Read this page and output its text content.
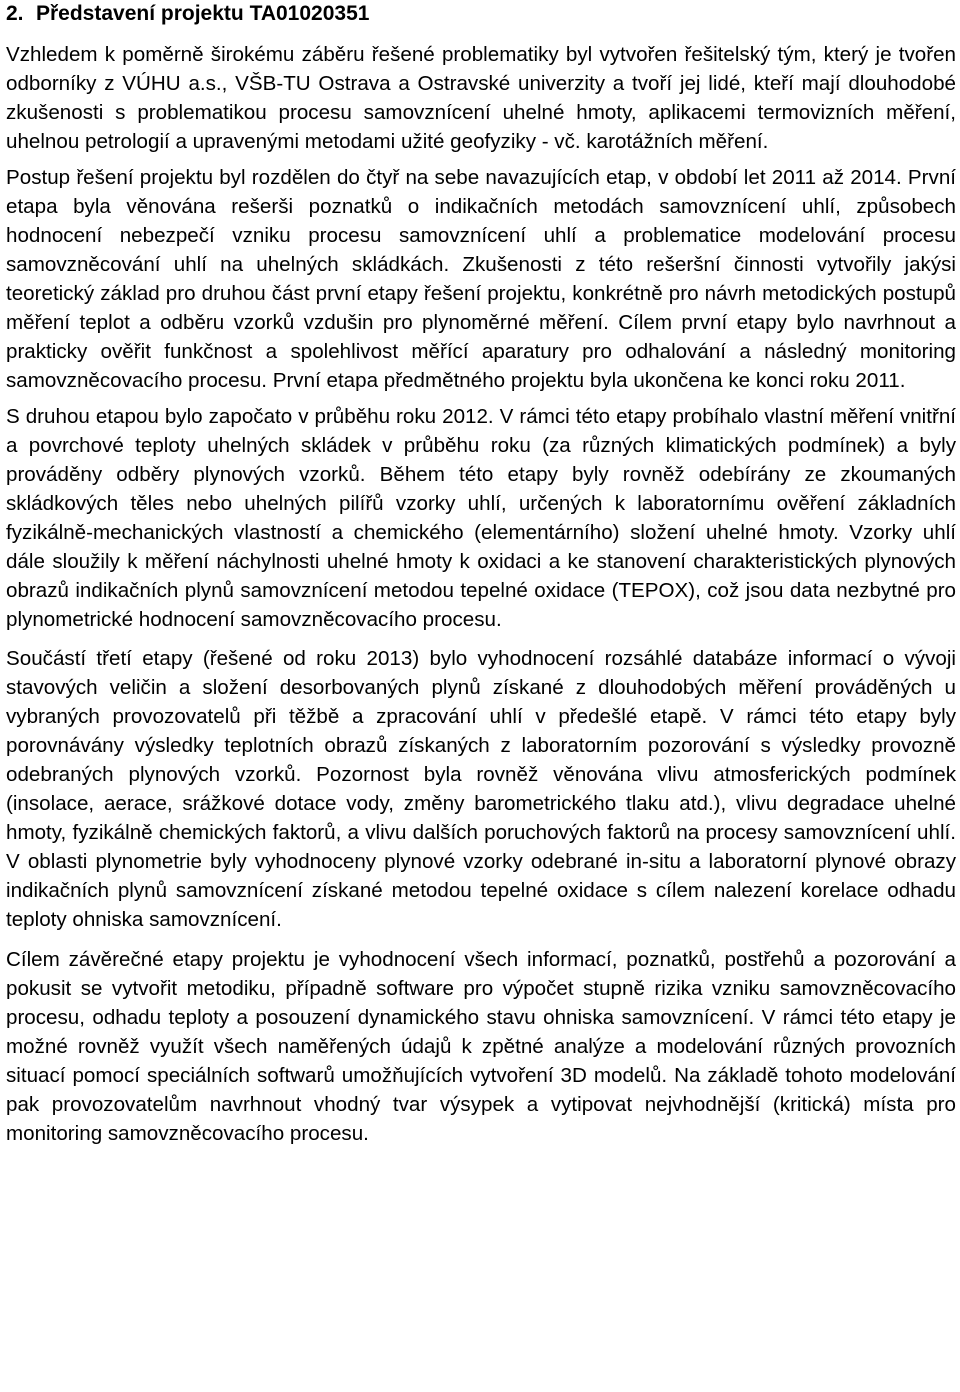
2. Představení projektu TA01020351

Vzhledem k poměrně širokému záběru řešené problematiky byl vytvořen řešitelský tým, který je tvořen odborníky z VÚHU a.s., VŠB-TU Ostrava a Ostravské univerzity a tvoří jej lidé, kteří mají dlouhodobé zkušenosti s problematikou procesu samovznícení uhelné hmoty, aplikacemi termovizních měření, uhelnou petrologií a upravenými metodami užité geofyziky - vč. karotážních měření.

Postup řešení projektu byl rozdělen do čtyř na sebe navazujících etap, v období let 2011 až 2014. První etapa byla věnována rešerši poznatků o indikačních metodách samovznícení uhlí, způsobech hodnocení nebezpečí vzniku procesu samovznícení uhlí a problematice modelování procesu samovzněcování uhlí na uhelných skládkách. Zkušenosti z této rešeršní činnosti vytvořily jakýsi teoretický základ pro druhou část první etapy řešení projektu, konkrétně pro návrh metodických postupů měření teplot a odběru vzorků vzdušin pro plynoměrné měření. Cílem první etapy bylo navrhnout a prakticky ověřit funkčnost a spolehlivost měřící aparatury pro odhalování a následný monitoring samovzněcovacího procesu. První etapa předmětného projektu byla ukončena ke konci roku 2011.

S druhou etapou bylo započato v průběhu roku 2012. V rámci této etapy probíhalo vlastní měření vnitřní a povrchové teploty uhelných skládek v průběhu roku (za různých klimatických podmínek) a byly prováděny odběry plynových vzorků. Během této etapy byly rovněž odebírány ze zkoumaných skládkových těles nebo uhelných pilířů vzorky uhlí, určených k laboratornímu ověření základních fyzikálně-mechanických vlastností a chemického (elementárního) složení uhelné hmoty. Vzorky uhlí dále sloužily k měření náchylnosti uhelné hmoty k oxidaci a ke stanovení charakteristických plynových obrazů indikačních plynů samovznícení metodou tepelné oxidace (TEPOX), což jsou data nezbytné pro plynometrické hodnocení samovzněcovacího procesu.

Součástí třetí etapy (řešené od roku 2013) bylo vyhodnocení rozsáhlé databáze informací o vývoji stavových veličin a složení desorbovaných plynů získané z dlouhodobých měření prováděných u vybraných provozovatelů při těžbě a zpracování uhlí v předešlé etapě. V rámci této etapy byly porovnávány výsledky teplotních obrazů získaných z laboratorním pozorování s výsledky provozně odebraných plynových vzorků. Pozornost byla rovněž věnována vlivu atmosferických podmínek (insolace, aerace, srážkové dotace vody, změny barometrického tlaku atd.), vlivu degradace uhelné hmoty, fyzikálně chemických faktorů, a vlivu dalších poruchových faktorů na procesy samovznícení uhlí. V oblasti plynometrie byly vyhodnoceny plynové vzorky odebrané in-situ a laboratorní plynové obrazy indikačních plynů samovznícení získané metodou tepelné oxidace s cílem nalezení korelace odhadu teploty ohniska samovznícení.

Cílem závěrečné etapy projektu je vyhodnocení všech informací, poznatků, postřehů a pozorování a pokusit se vytvořit metodiku, případně software pro výpočet stupně rizika vzniku samovzněcovacího procesu, odhadu teploty a posouzení dynamického stavu ohniska samovznícení. V rámci této etapy je možné rovněž využít všech naměřených údajů k zpětné analýze a modelování různých provozních situací pomocí speciálních softwarů umožňujících vytvoření 3D modelů. Na základě tohoto modelování pak provozovatelům navrhnout vhodný tvar výsypek a vytipovat nejvhodnější (kritická) místa pro monitoring samovzněcovacího procesu.
